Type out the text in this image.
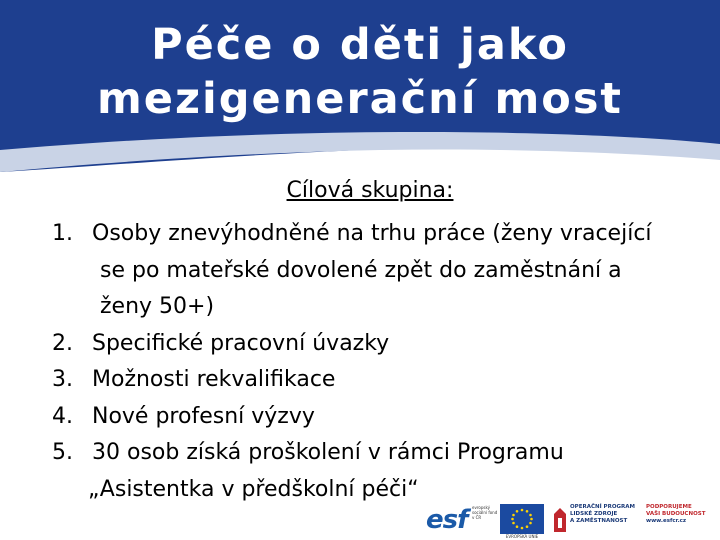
Péče o děti jako
mezigenerační most
Cílová skupina:
1. Osoby znevýhodněné na trhu práce (ženy vracející
se po mateřské dovolené zpět do zaměstnání a
ženy 50+)
2. Specifické pracovní úvazky
3. Možnosti rekvalifikace
4. Nové profesní výzvy
5. 30 osob získá proškolení v rámci Programu
„Asistentka v předškolní péči“
esf evropský sociální fond v ČR
EVROPSKÁ UNIE
OPERAČNÍ PROGRAM
LIDSKÉ ZDROJE
A ZAMĚSTNANOST
PODPORUJEME
VAŠI BUDOUCNOST
www.esfcr.cz
